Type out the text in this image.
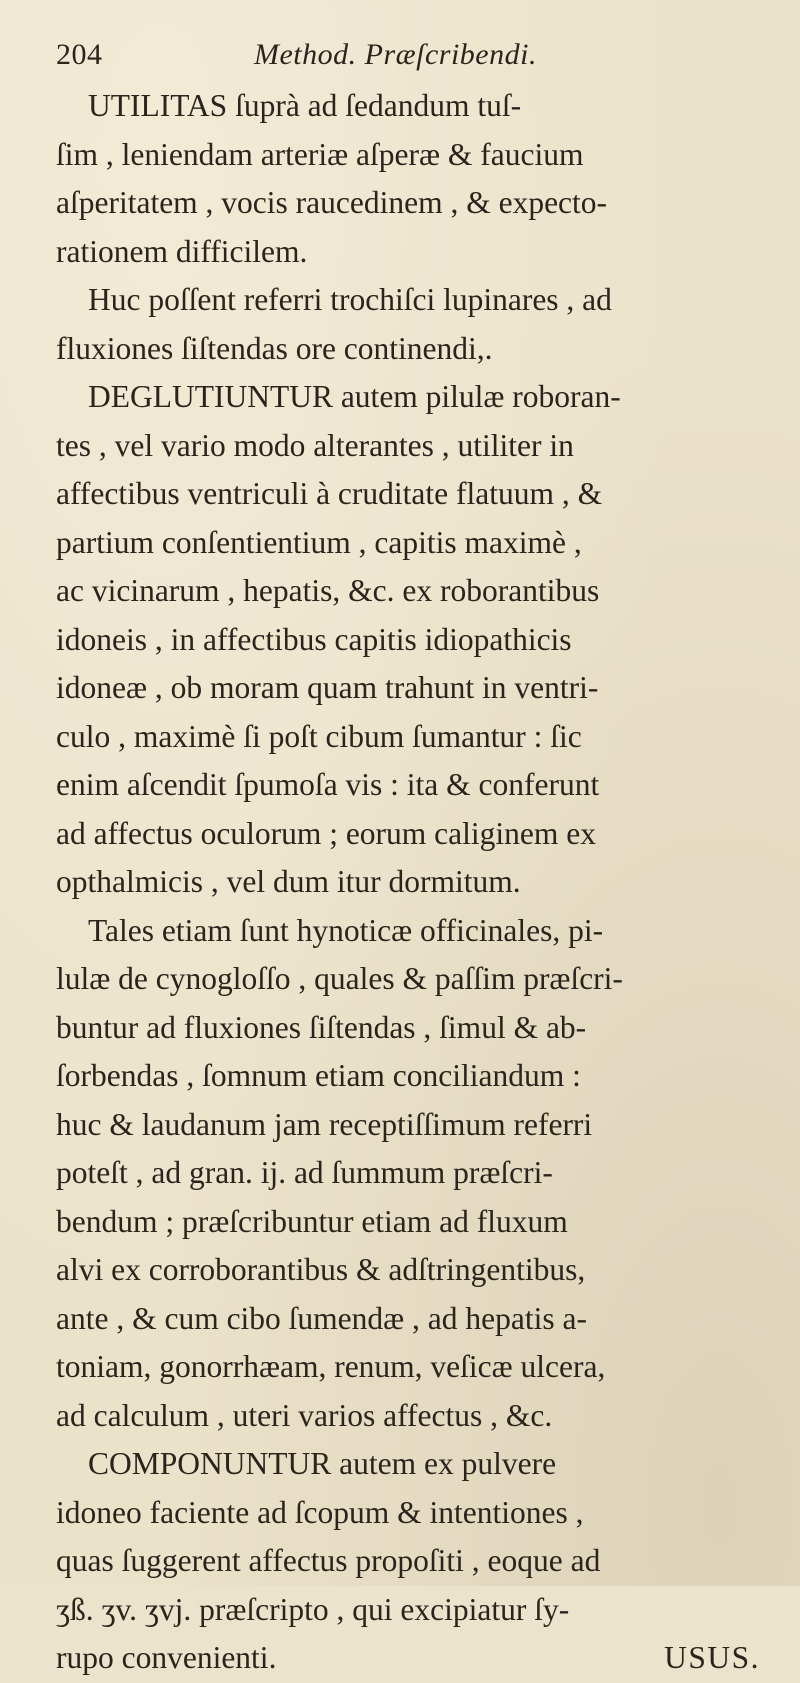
204	Method. Præſcribendi.

UTILITAS ſuprà ad ſedandum tuſ-
ſim , leniendam arteriæ aſperæ & faucium
aſperitatem , vocis raucedinem , & expecto-
rationem difficilem.

Huc poſſent referri trochiſci lupinares , ad
fluxiones ſiſtendas ore continendi,.

DEGLUTIUNTUR autem pilulæ roboran-
tes , vel vario modo alterantes , utiliter in
affectibus ventriculi à cruditate flatuum , &
partium conſentientium , capitis maximè ,
ac vicinarum , hepatis, &c. ex roborantibus
idoneis , in affectibus capitis idiopathicis
idoneæ , ob moram quam trahunt in ventri-
culo , maximè ſi poſt cibum ſumantur : ſic
enim aſcendit ſpumoſa vis : ita & conferunt
ad affectus oculorum ; eorum caliginem ex
opthalmicis , vel dum itur dormitum.

Tales etiam ſunt hynoticæ officinales, pi-
lulæ de cynogloſſo , quales & paſſim præſcri-
buntur ad fluxiones ſiſtendas , ſimul & ab-
ſorbendas , ſomnum etiam conciliandum :
huc & laudanum jam receptiſſimum referri
poteſt , ad gran. ij. ad ſummum præſcri-
bendum ; præſcribuntur etiam ad fluxum
alvi ex corroborantibus & adſtringentibus,
ante , & cum cibo ſumendæ , ad hepatis a-
toniam, gonorrhæam, renum, veſicæ ulcera,
ad calculum , uteri varios affectus , &c.

COMPONUNTUR autem ex pulvere
idoneo faciente ad ſcopum & intentiones ,
quas ſuggerent affectus propoſiti , eoque ad
ʒß. ʒv. ʒvj. præſcripto , qui excipiatur ſy-
rupo convenienti.	USUS.
